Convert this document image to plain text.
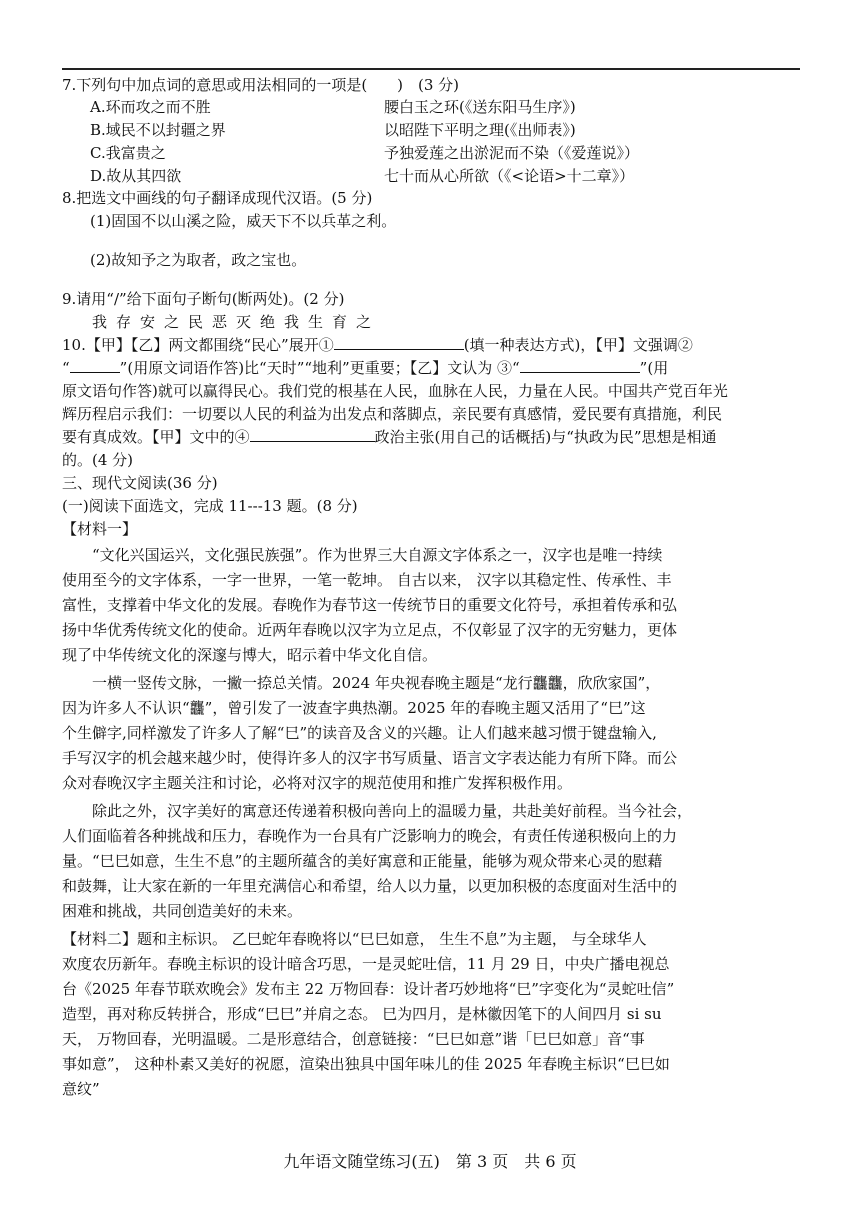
7.下列句中加点词的意思或用法相同的一项是(　　)　(3 分)
A.环而攻之而不胜	腰白玉之环(《送东阳马生序》)
B.域民不以封疆之界	以昭陛下平明之理(《出师表》)
C.我富贵之	予独爱莲之出淤泥而不染（《爱莲说》）
D.故从其四欲	七十而从心所欲（《<论语>十二章》）
8.把选文中画线的句子翻译成现代汉语。(5 分)
(1)固国不以山溪之险，威天下不以兵革之利。
(2)故知予之为取者，政之宝也。
9.请用“/”给下面句子断句(断两处)。(2 分)
我存安之民恶灭绝我生育之
10.【甲】【乙】两文都围绕“民心”展开①	(填一种表达方式)，【甲】文强调②
“	”(用原文词语作答)比“天时”“地利”更重要；【乙】文认为 ③“	”(用
原文语句作答)就可以赢得民心。我们党的根基在人民，血脉在人民，力量在人民。中国共产党百年光
辉历程启示我们：一切要以人民的利益为出发点和落脚点，亲民要有真感情，爱民要有真措施，利民
要有真成效。【甲】文中的④	政治主张(用自己的话概括)与“执政为民”思想是相通
的。(4 分)
三、现代文阅读(36 分)
(一)阅读下面选文，完成 11---13 题。(8 分)
【材料一】
　　“文化兴国运兴，文化强民族强”。作为世界三大自源文字体系之一，汉字也是唯一持续
使用至今的文字体系，一字一世界，一笔一乾坤。 自古以来， 汉字以其稳定性、传承性、丰
富性，支撑着中华文化的发展。春晚作为春节这一传统节日的重要文化符号，承担着传承和弘
扬中华优秀传统文化的使命。近两年春晚以汉字为立足点，不仅彰显了汉字的无穷魅力，更体
现了中华传统文化的深邃与博大，昭示着中华文化自信。
　　一横一竖传文脉，一撇一捺总关情。2024 年央视春晚主题是“龙行龘龘，欣欣家国”，
因为许多人不认识“龘”，曾引发了一波查字典热潮。2025 年的春晚主题又活用了“巳”这
个生僻字,同样激发了许多人了解“巳”的读音及含义的兴趣。让人们越来越习惯于键盘输入,
手写汉字的机会越来越少时，使得许多人的汉字书写质量、语言文字表达能力有所下降。而公
众对春晚汉字主题关注和讨论，必将对汉字的规范使用和推广发挥积极作用。
　　除此之外，汉字美好的寓意还传递着积极向善向上的温暖力量，共赴美好前程。当今社会，
人们面临着各种挑战和压力，春晚作为一台具有广泛影响力的晚会，有责任传递积极向上的力
量。“巳巳如意，生生不息”的主题所蕴含的美好寓意和正能量，能够为观众带来心灵的慰藉
和鼓舞，让大家在新的一年里充满信心和希望，给人以力量，以更加积极的态度面对生活中的
困难和挑战，共同创造美好的未来。
【材料二】题和主标识。 乙巳蛇年春晚将以“巳巳如意， 生生不息”为主题， 与全球华人
欢度农历新年。春晚主标识的设计暗含巧思，一是灵蛇吐信，11 月 29 日，中央广播电视总
台《2025 年春节联欢晚会》发布主 22 万物回春：设计者巧妙地将“巳”字变化为“灵蛇吐信”
造型，再对称反转拼合，形成“巳巳”并肩之态。 巳为四月，是林徽因笔下的人间四月 si su
天， 万物回春，光明温暖。二是形意结合，创意链接：“巳巳如意”谐「巳巳如意」音“事
事如意”， 这种朴素又美好的祝愿，渲染出独具中国年味儿的佳 2025 年春晚主标识“巳巳如
意纹”
九年语文随堂练习(五)　第 3 页　共 6 页
